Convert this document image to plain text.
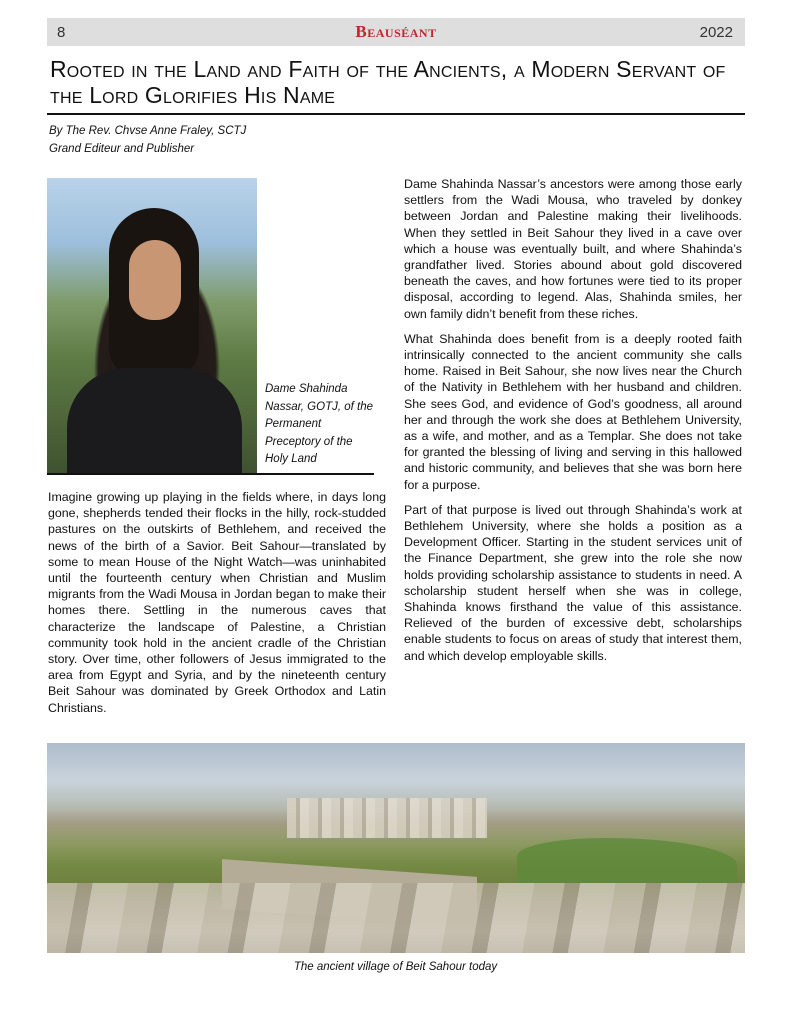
8	Beauséant	2022
Rooted in the Land and Faith of the Ancients, a Modern Servant of the Lord Glorifies His Name
By The Rev. Chvse Anne Fraley, SCTJ
Grand Editeur and Publisher
Dame Shahinda Nassar, GOTJ, of the Permanent Preceptory of the Holy Land

Imagine growing up playing in the fields where, in days long gone, shepherds tended their flocks in the hilly, rock-studded pastures on the outskirts of Bethlehem, and received the news of the birth of a Savior. Beit Sahour—translated by some to mean House of the Night Watch—was uninhabited until the fourteenth century when Christian and Muslim migrants from the Wadi Mousa in Jordan began to make their homes there. Settling in the numerous caves that characterize the landscape of Palestine, a Christian community took hold in the ancient cradle of the Christian story. Over time, other followers of Jesus immigrated to the area from Egypt and Syria, and by the nineteenth century Beit Sahour was dominated by Greek Orthodox and Latin Christians.

Dame Shahinda Nassar’s ancestors were among those early settlers from the Wadi Mousa, who traveled by donkey between Jordan and Palestine making their livelihoods. When they settled in Beit Sahour they lived in a cave over which a house was eventually built, and where Shahinda’s grandfather lived. Stories abound about gold discovered beneath the caves, and how fortunes were tied to its proper disposal, according to legend. Alas, Shahinda smiles, her own family didn’t benefit from these riches.

What Shahinda does benefit from is a deeply rooted faith intrinsically connected to the ancient community she calls home. Raised in Beit Sahour, she now lives near the Church of the Nativity in Bethlehem with her husband and children. She sees God, and evidence of God’s goodness, all around her and through the work she does at Bethlehem University, as a wife, and mother, and as a Templar. She does not take for granted the blessing of living and serving in this hallowed and historic community, and believes that she was born here for a purpose.

Part of that purpose is lived out through Shahinda’s work at Bethlehem University, where she holds a position as a Development Officer. Starting in the student services unit of the Finance Department, she grew into the role she now holds providing scholarship assistance to students in need. A scholarship student herself when she was in college, Shahinda knows firsthand the value of this assistance. Relieved of the burden of excessive debt, scholarships enable students to focus on areas of study that interest them, and which develop employable skills.

The ancient village of Beit Sahour today
